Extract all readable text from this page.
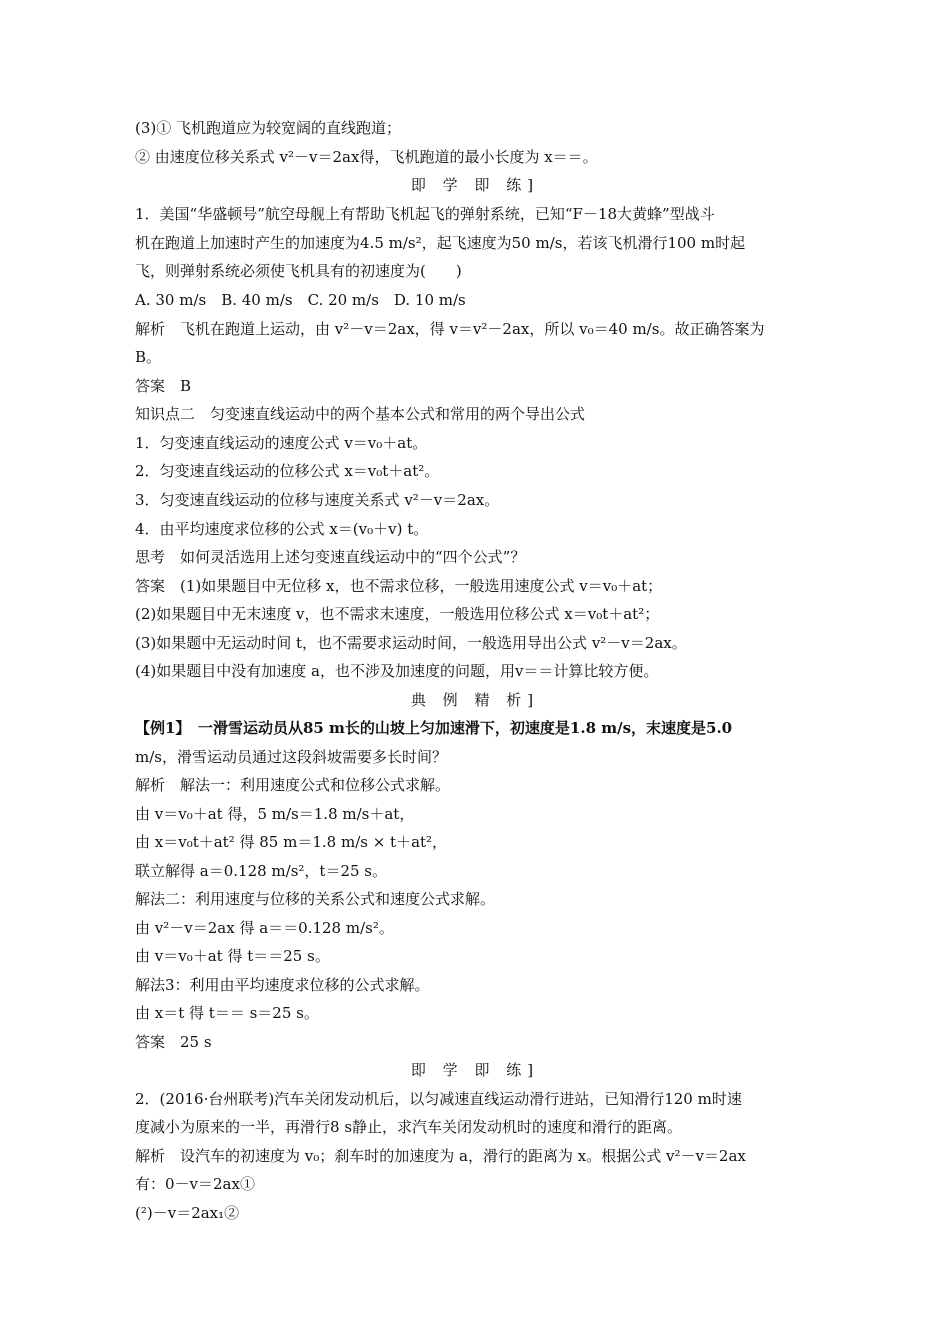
(3)① 飞机跑道应为较宽阔的直线跑道；
② 由速度位移关系式 v²－v＝2ax得，飞机跑道的最小长度为 x＝＝。
即 学 即 练]
1．美国“华盛顿号”航空母舰上有帮助飞机起飞的弹射系统，已知“F－18大黄蜂”型战斗
机在跑道上加速时产生的加速度为4.5 m/s²，起飞速度为50 m/s，若该飞机滑行100 m时起
飞，则弹射系统必须使飞机具有的初速度为(　　)
A. 30 m/s　B. 40 m/s　C. 20 m/s　D. 10 m/s
解析　飞机在跑道上运动，由 v²－v＝2ax，得 v＝v²－2ax，所以 v₀＝40 m/s。故正确答案为
B。
答案　B
知识点二　匀变速直线运动中的两个基本公式和常用的两个导出公式
1．匀变速直线运动的速度公式 v＝v₀＋at。
2．匀变速直线运动的位移公式 x＝v₀t＋at²。
3．匀变速直线运动的位移与速度关系式 v²－v＝2ax。
4．由平均速度求位移的公式 x＝(v₀＋v) t。
思考　如何灵活选用上述匀变速直线运动中的“四个公式”？
答案　(1)如果题目中无位移 x，也不需求位移，一般选用速度公式 v＝v₀＋at；
(2)如果题目中无末速度 v，也不需求末速度，一般选用位移公式 x＝v₀t＋at²；
(3)如果题中无运动时间 t，也不需要求运动时间，一般选用导出公式 v²－v＝2ax。
(4)如果题目中没有加速度 a，也不涉及加速度的问题，用v＝＝计算比较方便。
典 例 精 析]
【例1】　一滑雪运动员从85 m长的山坡上匀加速滑下，初速度是1.8 m/s，末速度是5.0
m/s，滑雪运动员通过这段斜坡需要多长时间？
解析　解法一：利用速度公式和位移公式求解。
由 v＝v₀＋at 得，5 m/s＝1.8 m/s＋at，
由 x＝v₀t＋at² 得 85 m＝1.8 m/s × t＋at²，
联立解得 a＝0.128 m/s²，t＝25 s。
解法二：利用速度与位移的关系公式和速度公式求解。
由 v²－v＝2ax 得 a＝＝0.128 m/s²。
由 v＝v₀＋at 得 t＝＝25 s。
解法3：利用由平均速度求位移的公式求解。
由 x＝t 得 t＝＝ s＝25 s。
答案　25 s
即 学 即 练]
2．(2016·台州联考)汽车关闭发动机后，以匀减速直线运动滑行进站，已知滑行120 m时速
度减小为原来的一半，再滑行8 s静止，求汽车关闭发动机时的速度和滑行的距离。
解析　设汽车的初速度为 v₀；刹车时的加速度为 a，滑行的距离为 x。根据公式 v²－v＝2ax
有：0－v＝2ax①
(²)－v＝2ax₁②
